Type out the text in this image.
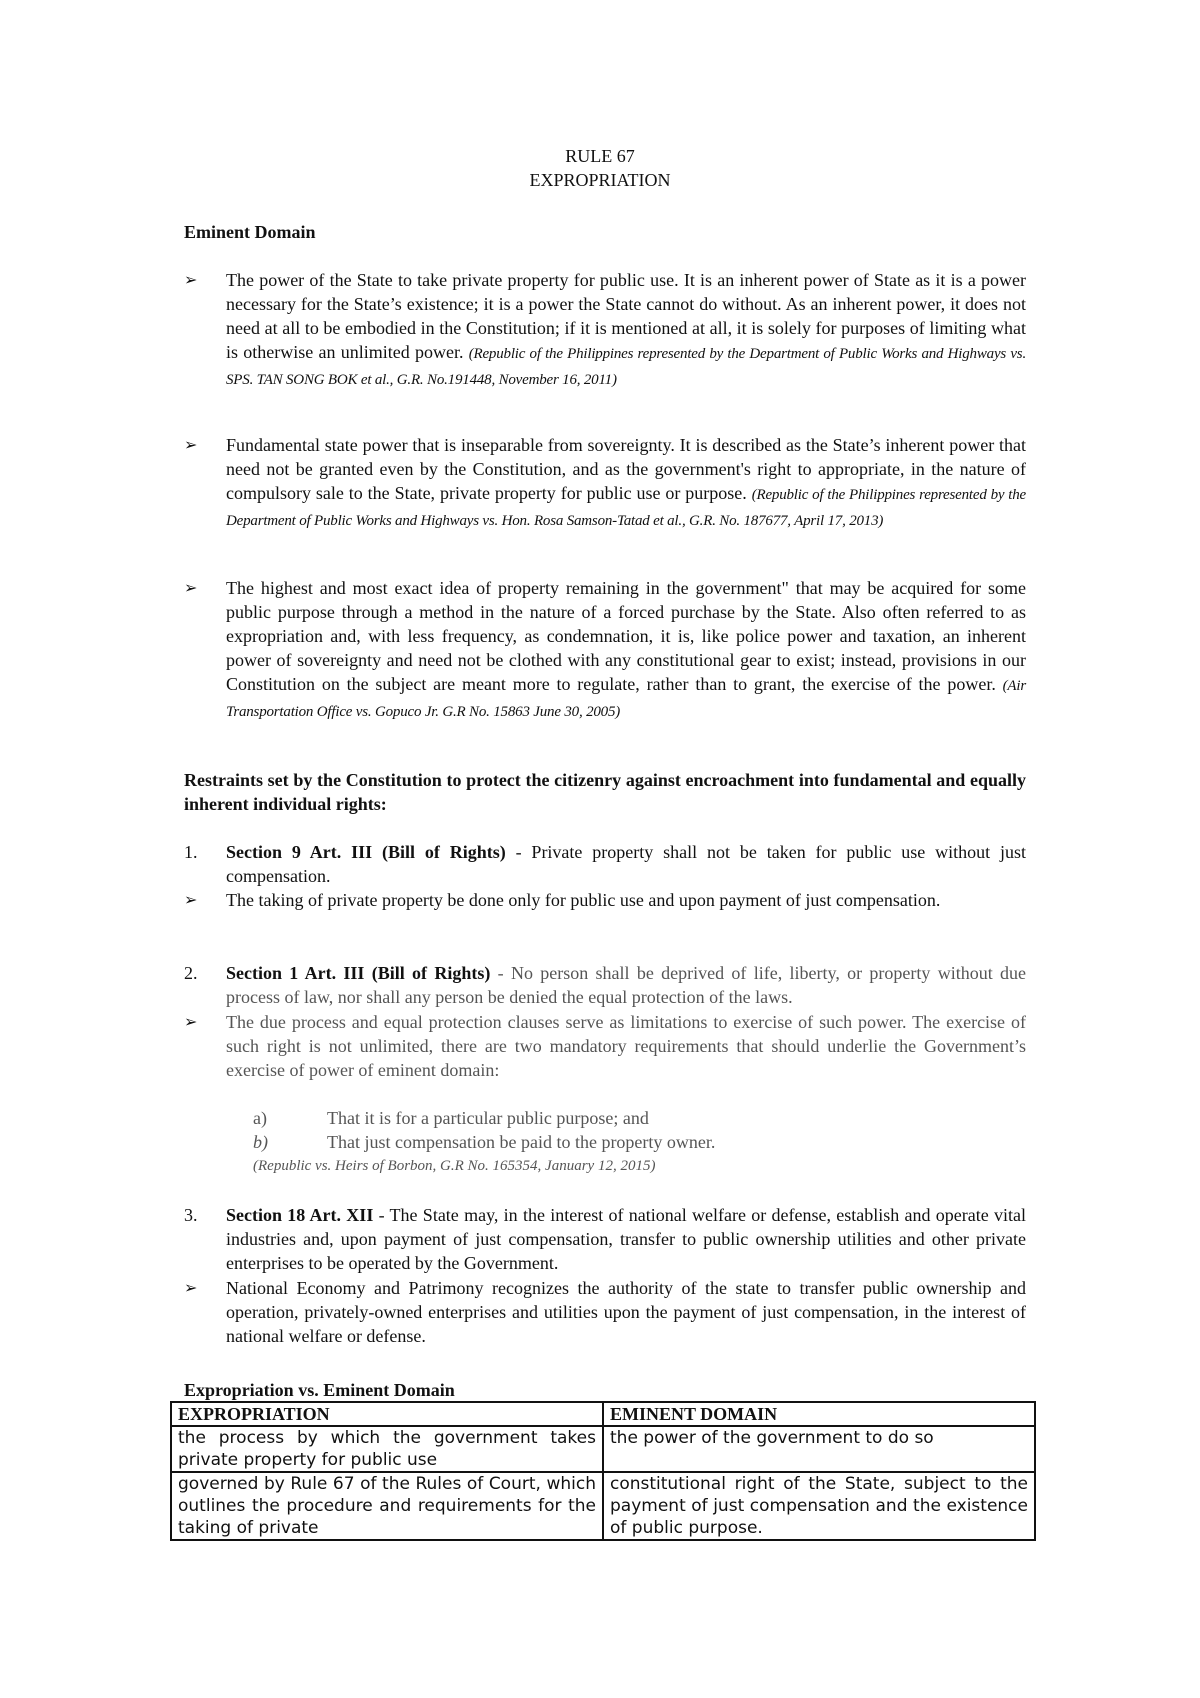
RULE 67
EXPROPRIATION
Eminent Domain
➢	The power of the State to take private property for public use. It is an inherent power of State as it is a power necessary for the State’s existence; it is a power the State cannot do without. As an inherent power, it does not need at all to be embodied in the Constitution; if it is mentioned at all, it is solely for purposes of limiting what is otherwise an unlimited power. (Republic of the Philippines represented by the Department of Public Works and Highways vs. SPS. TAN SONG BOK et al., G.R. No.191448, November 16, 2011)
➢	Fundamental state power that is inseparable from sovereignty. It is described as the State’s inherent power that need not be granted even by the Constitution, and as the government's right to appropriate, in the nature of compulsory sale to the State, private property for public use or purpose. (Republic of the Philippines represented by the Department of Public Works and Highways vs. Hon. Rosa Samson-Tatad et al., G.R. No. 187677, April 17, 2013)
➢	The highest and most exact idea of property remaining in the government" that may be acquired for some public purpose through a method in the nature of a forced purchase by the State. Also often referred to as expropriation and, with less frequency, as condemnation, it is, like police power and taxation, an inherent power of sovereignty and need not be clothed with any constitutional gear to exist; instead, provisions in our Constitution on the subject are meant more to regulate, rather than to grant, the exercise of the power. (Air Transportation Office vs. Gopuco Jr. G.R No. 15863 June 30, 2005)
Restraints set by the Constitution to protect the citizenry against encroachment into fundamental and equally inherent individual rights:
1.	Section 9 Art. III (Bill of Rights) - Private property shall not be taken for public use without just compensation.
➢	The taking of private property be done only for public use and upon payment of just compensation.
2.	Section 1 Art. III (Bill of Rights) - No person shall be deprived of life, liberty, or property without due process of law, nor shall any person be denied the equal protection of the laws.
➢	The due process and equal protection clauses serve as limitations to exercise of such power. The exercise of such right is not unlimited, there are two mandatory requirements that should underlie the Government’s exercise of power of eminent domain:
a)	That it is for a particular public purpose; and
b)	That just compensation be paid to the property owner.
(Republic vs. Heirs of Borbon, G.R No. 165354, January 12, 2015)
3.	Section 18 Art. XII - The State may, in the interest of national welfare or defense, establish and operate vital industries and, upon payment of just compensation, transfer to public ownership utilities and other private enterprises to be operated by the Government.
➢	National Economy and Patrimony recognizes the authority of the state to transfer public ownership and operation, privately-owned enterprises and utilities upon the payment of just compensation, in the interest of national welfare or defense.
Expropriation vs. Eminent Domain
EXPROPRIATION	EMINENT DOMAIN
the process by which the government takes private property for public use	the power of the government to do so
governed by Rule 67 of the Rules of Court, which outlines the procedure and requirements for the taking of private	constitutional right of the State, subject to the payment of just compensation and the existence of public purpose.
